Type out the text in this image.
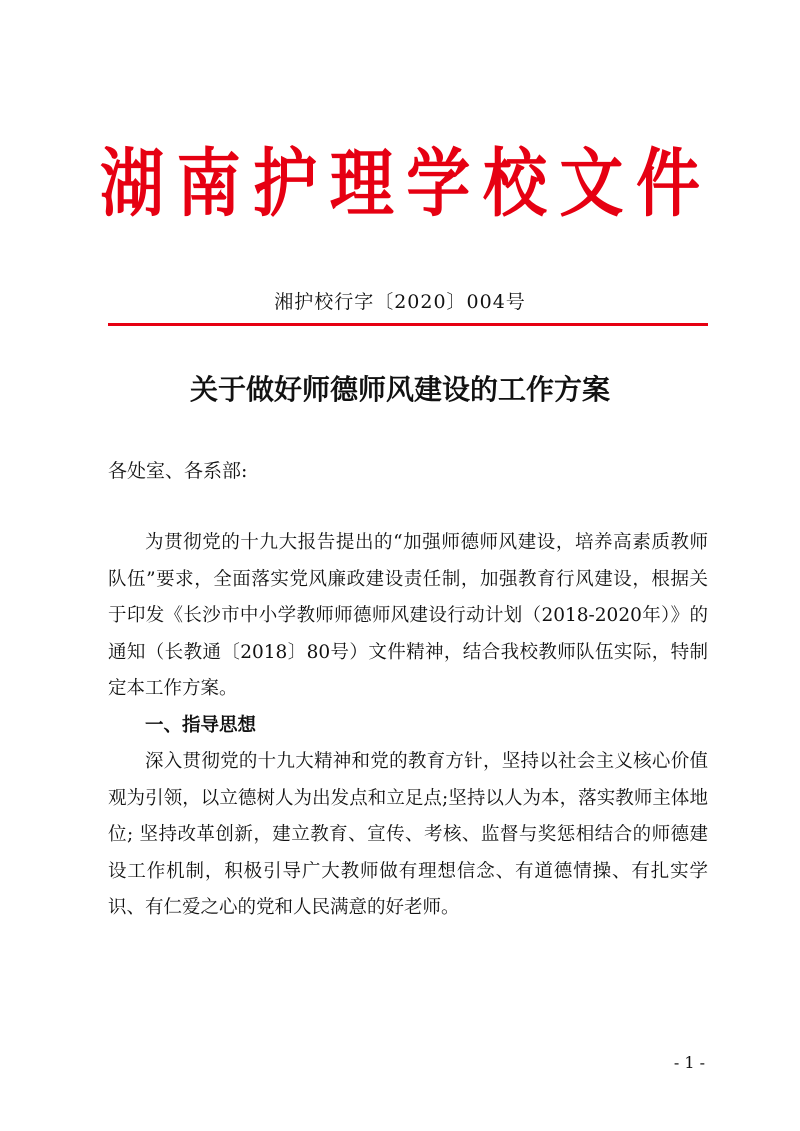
湖 南 护 理 学 校 文 件
湘护校行字〔2020〕004号
关于做好师德师风建设的工作方案
各处室、各系部:

为贯彻党的十九大报告提出的“加强师德师风建设，培养高素质教师队伍”要求，全面落实党风廉政建设责任制，加强教育行风建设，根据关于印发《长沙市中小学教师师德师风建设行动计划（2018-2020年）》的通知（长教通〔2018〕80号）文件精神，结合我校教师队伍实际，特制定本工作方案。

一、指导思想

深入贯彻党的十九大精神和党的教育方针，坚持以社会主义核心价值观为引领，以立德树人为出发点和立足点;坚持以人为本，落实教师主体地位; 坚持改革创新，建立教育、宣传、考核、监督与奖惩相结合的师德建设工作机制，积极引导广大教师做有理想信念、有道德情操、有扎实学识、有仁爱之心的党和人民满意的好老师。

- 1 -
